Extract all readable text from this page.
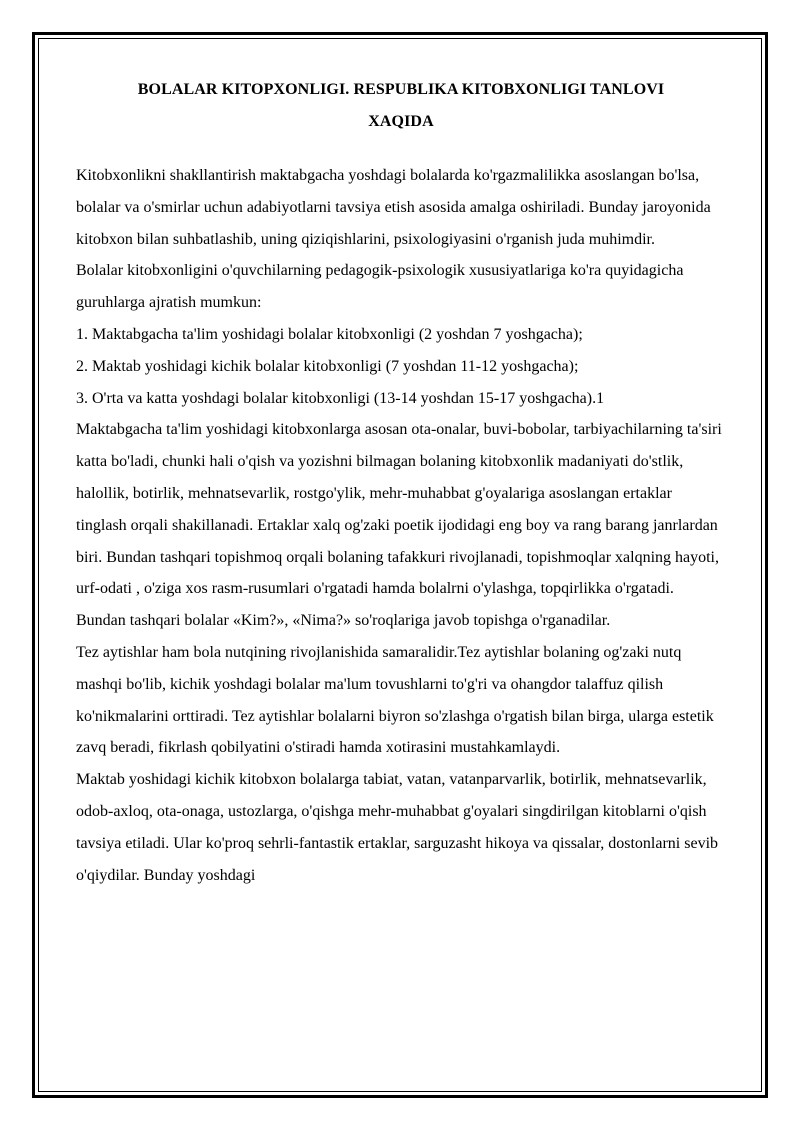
BOLALAR KITOPXONLIGI. RESPUBLIKA KITOBXONLIGI TANLOVI
XAQIDA

Kitobxonlikni shakllantirish maktabgacha yoshdagi bolalarda ko'rgazmalilikka asoslangan bo'lsa, bolalar va o'smirlar uchun adabiyotlarni tavsiya etish asosida amalga oshiriladi. Bunday jaroyonida kitobxon bilan suhbatlashib, uning qiziqishlarini, psixologiyasini o'rganish juda muhimdir.

Bolalar kitobxonligini o'quvchilarning pedagogik-psixologik xususiyatlariga ko'ra quyidagicha guruhlarga ajratish mumkun:

1. Maktabgacha ta'lim yoshidagi bolalar kitobxonligi (2 yoshdan 7 yoshgacha);

2. Maktab yoshidagi kichik bolalar kitobxonligi (7 yoshdan 11-12 yoshgacha);

3. O'rta va katta yoshdagi bolalar kitobxonligi (13-14 yoshdan 15-17 yoshgacha).1

Maktabgacha ta'lim yoshidagi kitobxonlarga asosan ota-onalar, buvi-bobolar, tarbiyachilarning ta'siri katta bo'ladi, chunki hali o'qish va yozishni bilmagan bolaning kitobxonlik madaniyati do'stlik, halollik, botirlik, mehnatsevarlik, rostgo'ylik, mehr-muhabbat g'oyalariga asoslangan ertaklar tinglash orqali shakillanadi. Ertaklar xalq og'zaki poetik ijodidagi eng boy va rang barang janrlardan biri. Bundan tashqari topishmoq orqali bolaning tafakkuri rivojlanadi, topishmoqlar xalqning hayoti, urf-odati , o'ziga xos rasm-rusumlari o'rgatadi hamda bolalrni o'ylashga, topqirlikka o'rgatadi. Bundan tashqari bolalar «Kim?», «Nima?» so'roqlariga javob topishga o'rganadilar.

Tez aytishlar ham bola nutqining rivojlanishida samaralidir.Tez aytishlar bolaning og'zaki nutq mashqi bo'lib, kichik yoshdagi bolalar ma'lum tovushlarni to'g'ri va ohangdor talaffuz qilish ko'nikmalarini orttiradi. Tez aytishlar bolalarni biyron so'zlashga o'rgatish bilan birga, ularga estetik zavq beradi, fikrlash qobilyatini o'stiradi hamda xotirasini mustahkamlaydi.

Maktab yoshidagi kichik kitobxon bolalarga tabiat, vatan, vatanparvarlik, botirlik, mehnatsevarlik, odob-axloq, ota-onaga, ustozlarga, o'qishga mehr-muhabbat g'oyalari singdirilgan kitoblarni o'qish tavsiya etiladi. Ular ko'proq sehrli-fantastik ertaklar, sarguzasht hikoya va qissalar, dostonlarni sevib o'qiydilar. Bunday yoshdagi
